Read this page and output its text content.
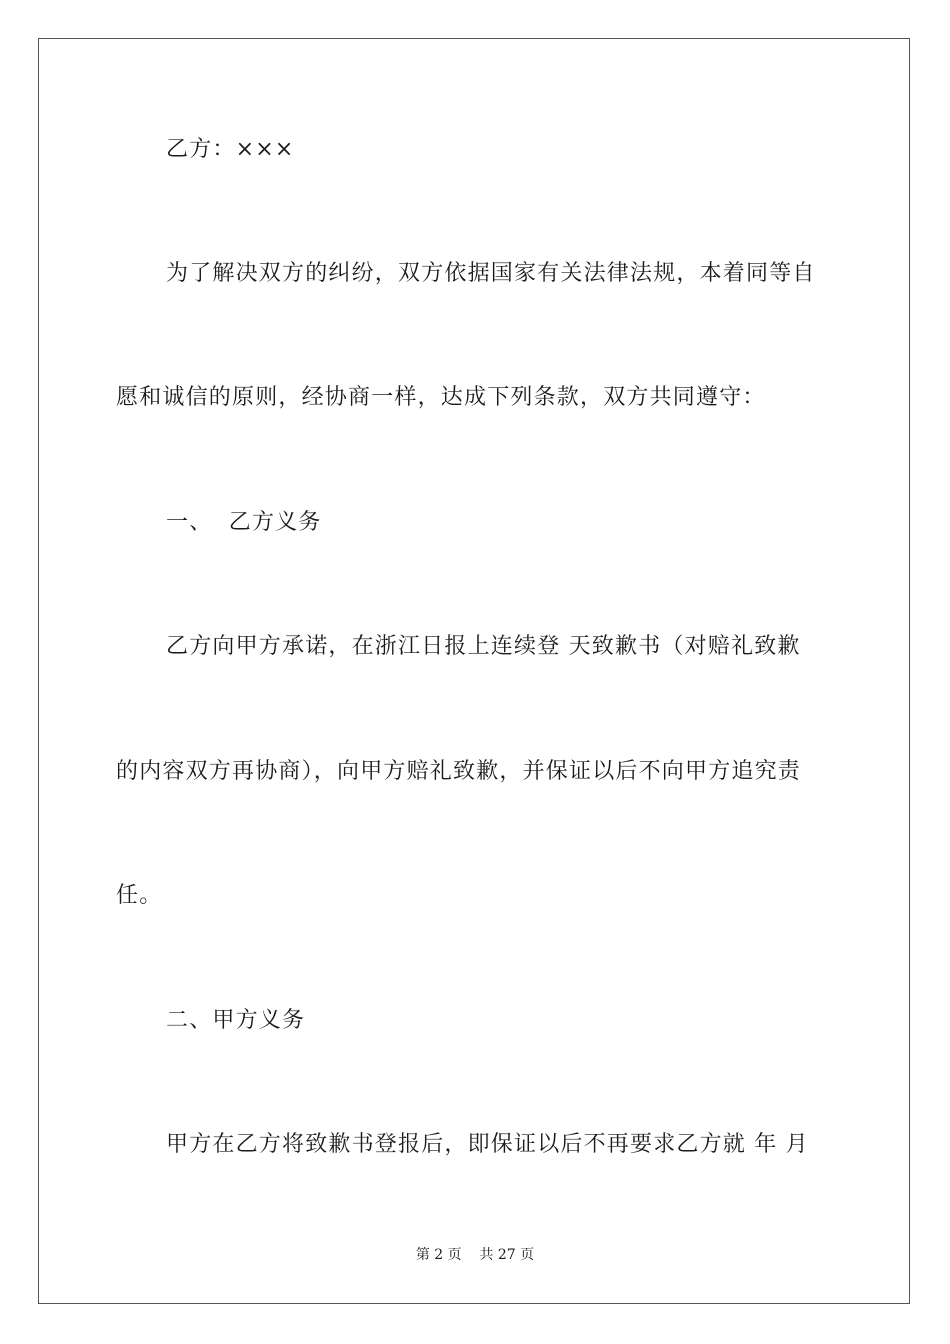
乙方：×××
为了解决双方的纠纷，双方依据国家有关法律法规，本着同等自
愿和诚信的原则，经协商一样，达成下列条款，双方共同遵守：
一、  乙方义务
乙方向甲方承诺，在浙江日报上连续登 天致歉书（对赔礼致歉
的内容双方再协商），向甲方赔礼致歉，并保证以后不向甲方追究责
任。
二、甲方义务
甲方在乙方将致歉书登报后，即保证以后不再要求乙方就 年 月
第 2 页    共 27 页
